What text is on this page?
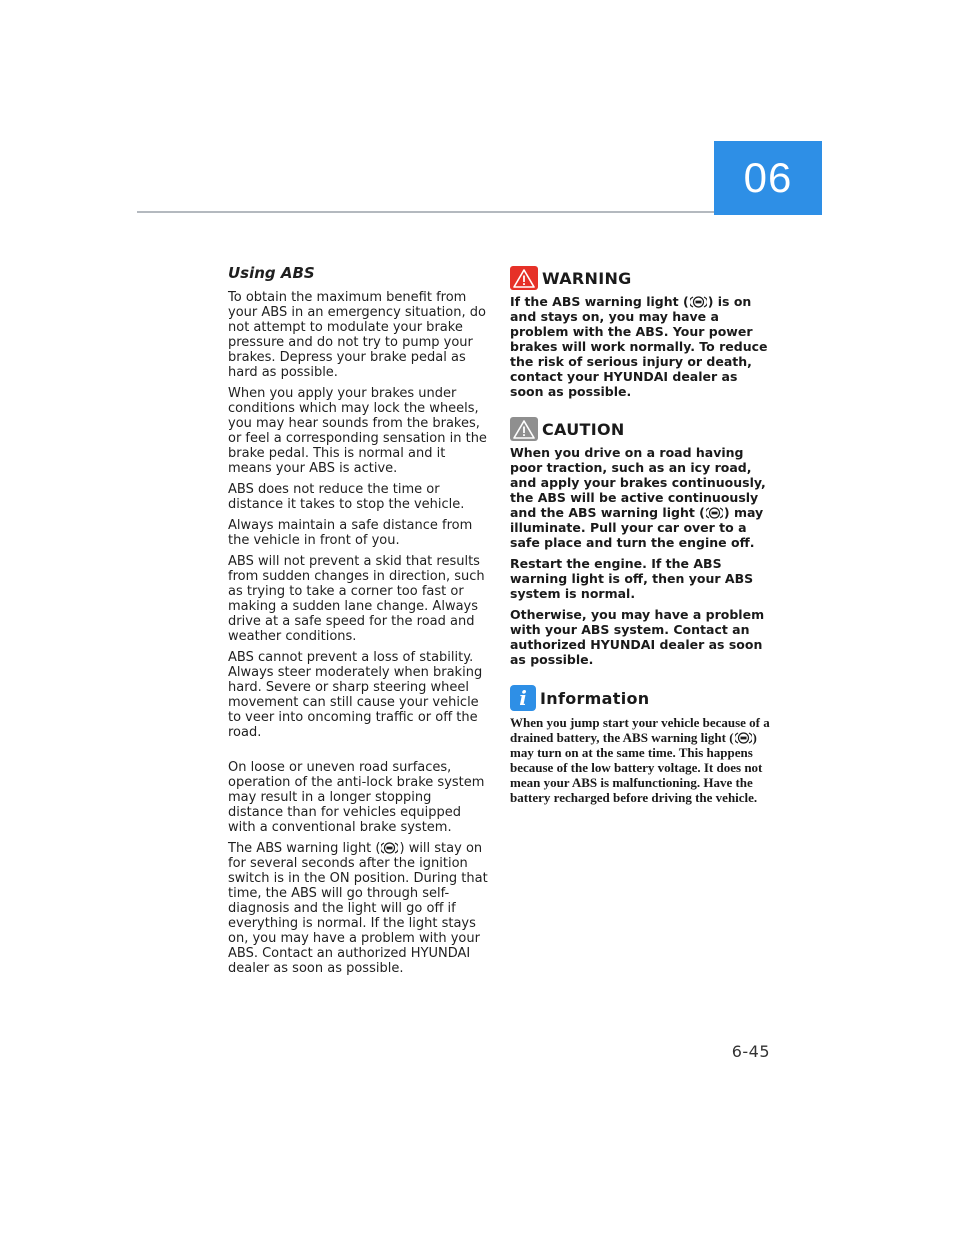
06
Using ABS

To obtain the maximum benefit from your ABS in an emergency situation, do not attempt to modulate your brake pressure and do not try to pump your brakes. Depress your brake pedal as hard as possible.

When you apply your brakes under conditions which may lock the wheels, you may hear sounds from the brakes, or feel a corresponding sensation in the brake pedal. This is normal and it means your ABS is active.

ABS does not reduce the time or distance it takes to stop the vehicle.

Always maintain a safe distance from the vehicle in front of you.

ABS will not prevent a skid that results from sudden changes in direction, such as trying to take a corner too fast or making a sudden lane change. Always drive at a safe speed for the road and weather conditions.

ABS cannot prevent a loss of stability. Always steer moderately when braking hard. Severe or sharp steering wheel movement can still cause your vehicle to veer into oncoming traffic or off the road.

On loose or uneven road surfaces, operation of the anti-lock brake system may result in a longer stopping distance than for vehicles equipped with a conventional brake system.

The ABS warning light ( ) will stay on for several seconds after the ignition switch is in the ON position. During that time, the ABS will go through self-diagnosis and the light will go off if everything is normal. If the light stays on, you may have a problem with your ABS. Contact an authorized HYUNDAI dealer as soon as possible.

WARNING
If the ABS warning light ( ) is on and stays on, you may have a problem with the ABS. Your power brakes will work normally. To reduce the risk of serious injury or death, contact your HYUNDAI dealer as soon as possible.
CAUTION

When you drive on a road having poor traction, such as an icy road, and apply your brakes continuously, the ABS will be active continuously and the ABS warning light ( ) may illuminate. Pull your car over to a safe place and turn the engine off.

Restart the engine. If the ABS warning light is off, then your ABS system is normal.

Otherwise, you may have a problem with your ABS system. Contact an authorized HYUNDAI dealer as soon as possible.

i Information
When you jump start your vehicle because of a drained battery, the ABS warning light ( ) may turn on at the same time. This happens because of the low battery voltage. It does not mean your ABS is malfunctioning. Have the battery recharged before driving the vehicle.
6-45
